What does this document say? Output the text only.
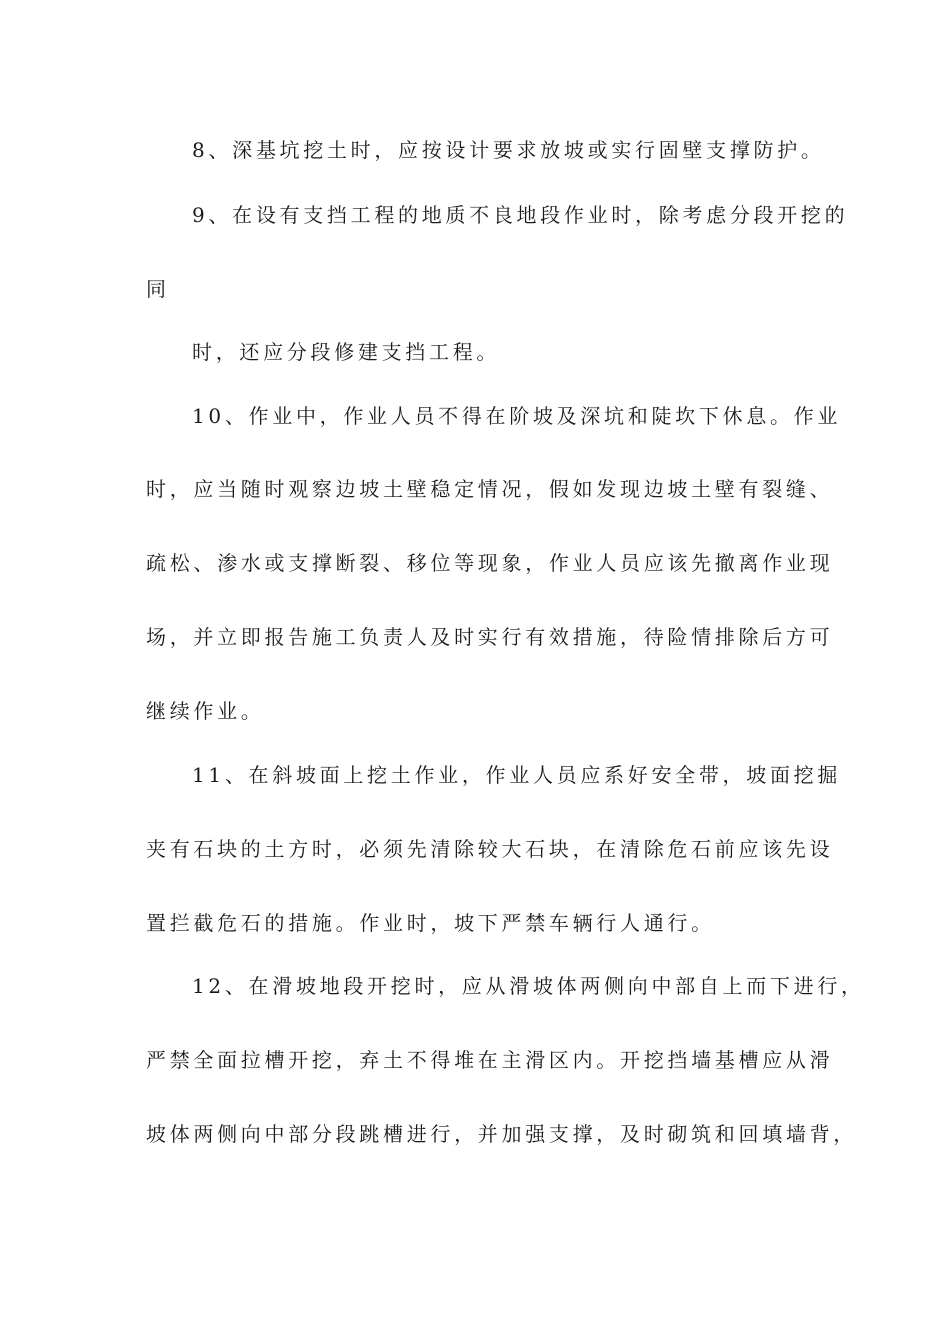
8、深基坑挖土时，应按设计要求放坡或实行固壁支撑防护。
9、在设有支挡工程的地质不良地段作业时，除考虑分段开挖的
同
时，还应分段修建支挡工程。
10、作业中，作业人员不得在阶坡及深坑和陡坎下休息。作业
时，应当随时观察边坡土壁稳定情况，假如发现边坡土壁有裂缝、
疏松、渗水或支撑断裂、移位等现象，作业人员应该先撤离作业现
场，并立即报告施工负责人及时实行有效措施，待险情排除后方可
继续作业。
11、在斜坡面上挖土作业，作业人员应系好安全带，坡面挖掘
夹有石块的土方时，必须先清除较大石块，在清除危石前应该先设
置拦截危石的措施。作业时，坡下严禁车辆行人通行。
12、在滑坡地段开挖时，应从滑坡体两侧向中部自上而下进行，
严禁全面拉槽开挖，弃土不得堆在主滑区内。开挖挡墙基槽应从滑
坡体两侧向中部分段跳槽进行，并加强支撑，及时砌筑和回填墙背，
